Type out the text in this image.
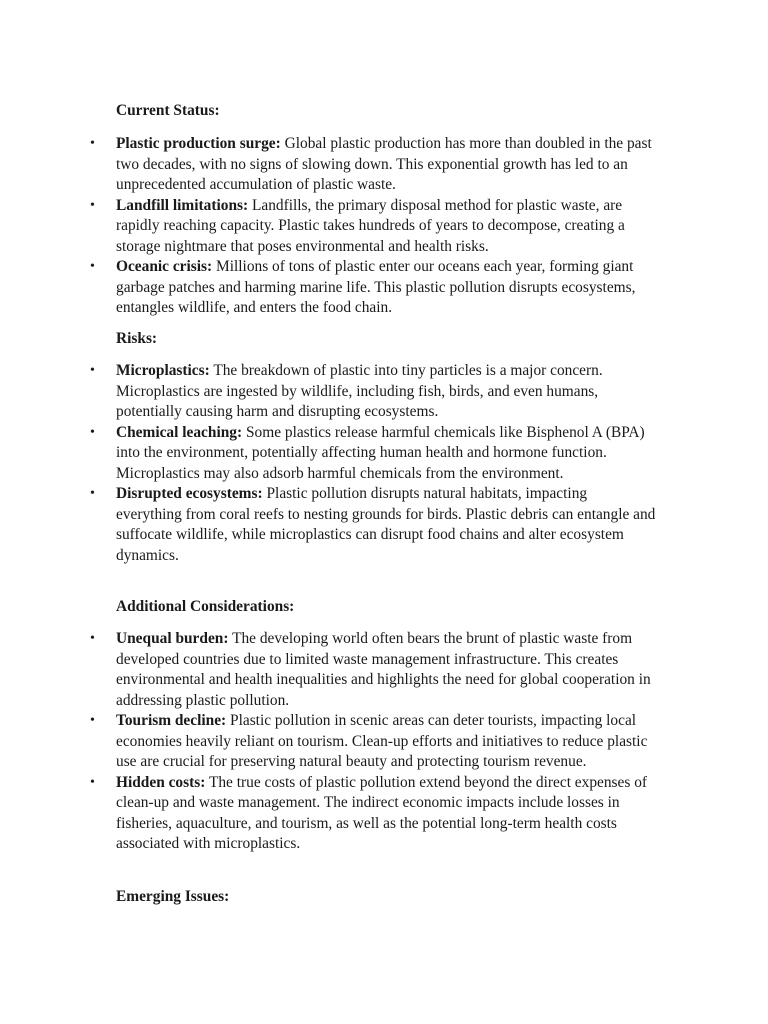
Current Status:

• Plastic production surge: Global plastic production has more than doubled in the past two decades, with no signs of slowing down. This exponential growth has led to an unprecedented accumulation of plastic waste.
• Landfill limitations: Landfills, the primary disposal method for plastic waste, are rapidly reaching capacity. Plastic takes hundreds of years to decompose, creating a storage nightmare that poses environmental and health risks.
• Oceanic crisis: Millions of tons of plastic enter our oceans each year, forming giant garbage patches and harming marine life. This plastic pollution disrupts ecosystems, entangles wildlife, and enters the food chain.

Risks:

• Microplastics: The breakdown of plastic into tiny particles is a major concern. Microplastics are ingested by wildlife, including fish, birds, and even humans, potentially causing harm and disrupting ecosystems.
• Chemical leaching: Some plastics release harmful chemicals like Bisphenol A (BPA) into the environment, potentially affecting human health and hormone function. Microplastics may also adsorb harmful chemicals from the environment.
• Disrupted ecosystems: Plastic pollution disrupts natural habitats, impacting everything from coral reefs to nesting grounds for birds. Plastic debris can entangle and suffocate wildlife, while microplastics can disrupt food chains and alter ecosystem dynamics.

Additional Considerations:

• Unequal burden: The developing world often bears the brunt of plastic waste from developed countries due to limited waste management infrastructure. This creates environmental and health inequalities and highlights the need for global cooperation in addressing plastic pollution.
• Tourism decline: Plastic pollution in scenic areas can deter tourists, impacting local economies heavily reliant on tourism. Clean-up efforts and initiatives to reduce plastic use are crucial for preserving natural beauty and protecting tourism revenue.
• Hidden costs: The true costs of plastic pollution extend beyond the direct expenses of clean-up and waste management. The indirect economic impacts include losses in fisheries, aquaculture, and tourism, as well as the potential long-term health costs associated with microplastics.

Emerging Issues:
